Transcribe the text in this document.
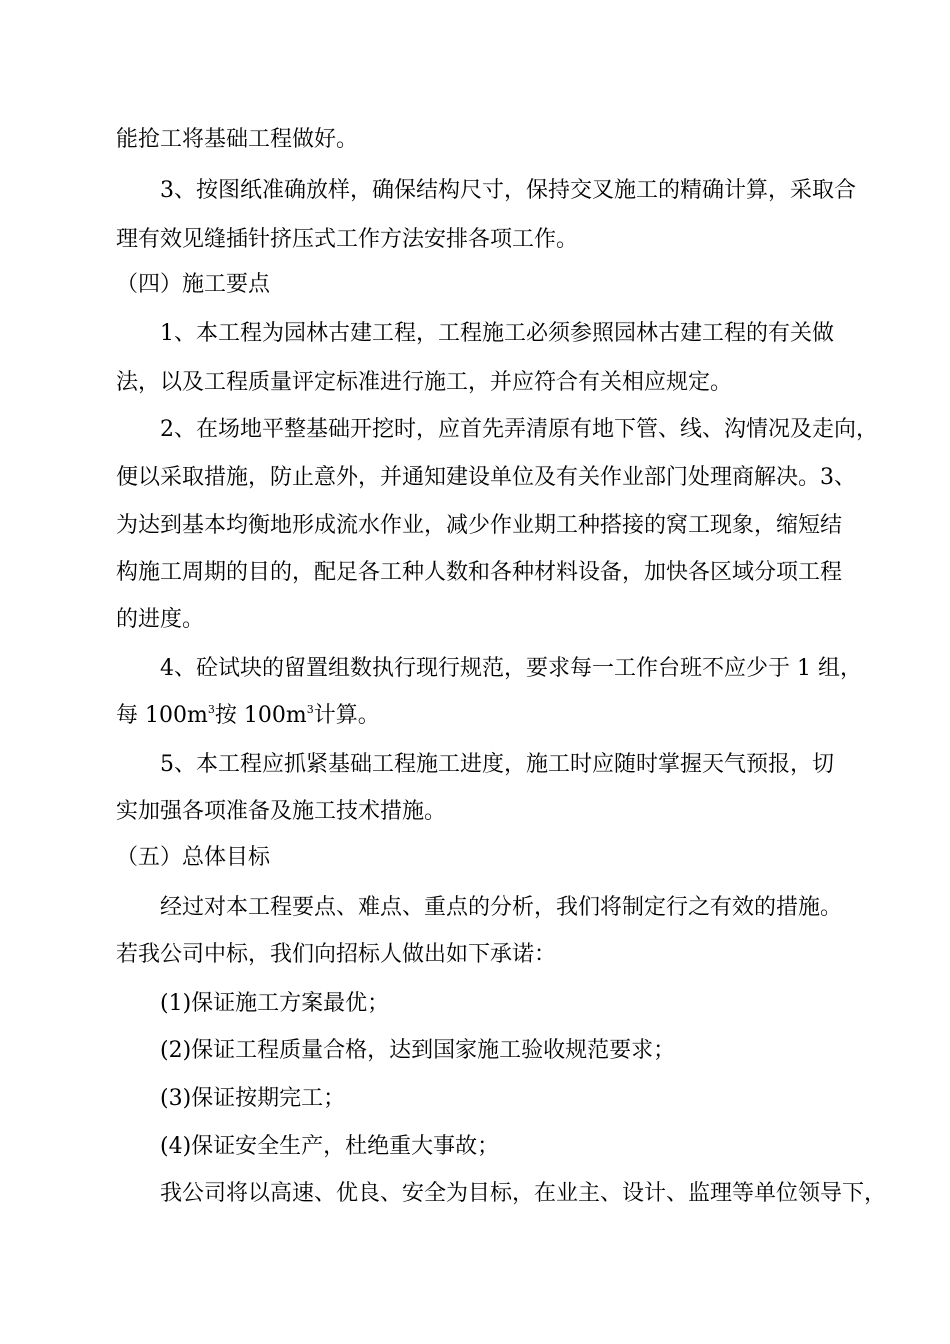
能抢工将基础工程做好。
3、按图纸准确放样，确保结构尺寸，保持交叉施工的精确计算，采取合
理有效见缝插针挤压式工作方法安排各项工作。
（四）施工要点
1、本工程为园林古建工程，工程施工必须参照园林古建工程的有关做
法，以及工程质量评定标准进行施工，并应符合有关相应规定。
2、在场地平整基础开挖时，应首先弄清原有地下管、线、沟情况及走向，
便以采取措施，防止意外，并通知建设单位及有关作业部门处理商解决。3、
为达到基本均衡地形成流水作业，减少作业期工种搭接的窝工现象，缩短结
构施工周期的目的，配足各工种人数和各种材料设备，加快各区域分项工程
的进度。
4、砼试块的留置组数执行现行规范，要求每一工作台班不应少于 1 组，
每 $100m^3$按 $100m^3$计算。
5、本工程应抓紧基础工程施工进度，施工时应随时掌握天气预报，切
实加强各项准备及施工技术措施。
（五）总体目标
经过对本工程要点、难点、重点的分析，我们将制定行之有效的措施。
若我公司中标，我们向招标人做出如下承诺：
(1)保证施工方案最优；
(2)保证工程质量合格，达到国家施工验收规范要求；
(3)保证按期完工；
(4)保证安全生产，杜绝重大事故；
我公司将以高速、优良、安全为目标，在业主、设计、监理等单位领导下，
